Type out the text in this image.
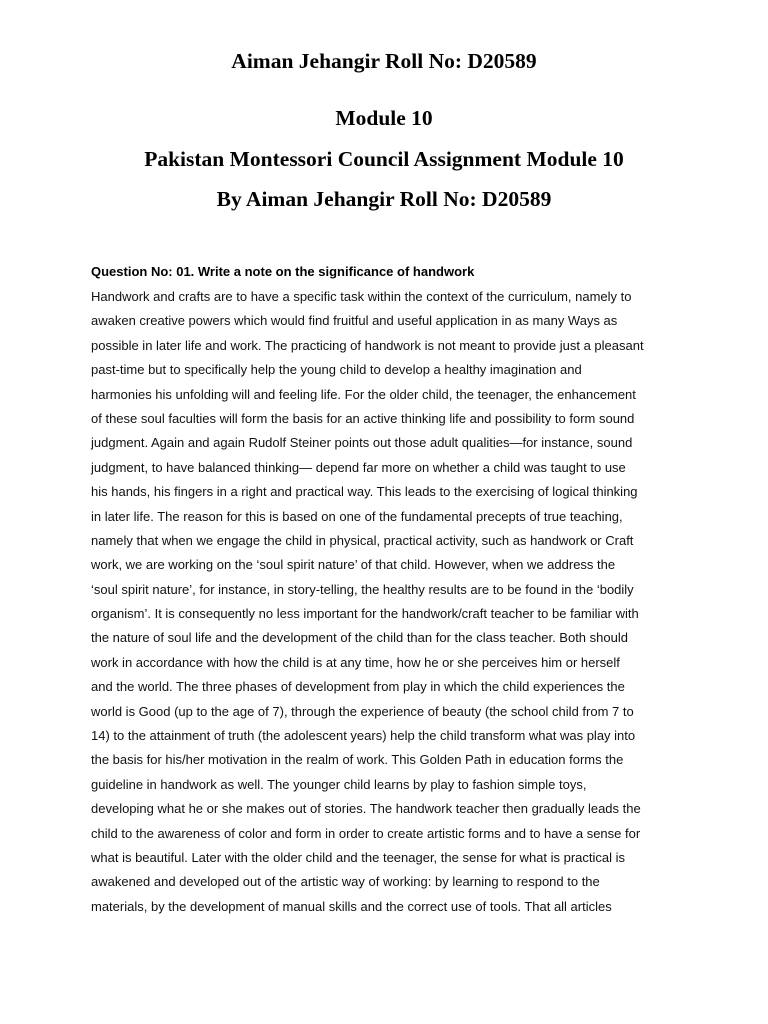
Aiman Jehangir Roll No: D20589
Module 10
Pakistan Montessori Council Assignment Module 10
By Aiman Jehangir Roll No: D20589

Question No: 01. Write a note on the significance of handwork

Handwork and crafts are to have a specific task within the context of the curriculum, namely to
awaken creative powers which would find fruitful and useful application in as many Ways as
possible in later life and work. The practicing of handwork is not meant to provide just a pleasant
past-time but to specifically help the young child to develop a healthy imagination and
harmonies his unfolding will and feeling life. For the older child, the teenager, the enhancement
of these soul faculties will form the basis for an active thinking life and possibility to form sound
judgment. Again and again Rudolf Steiner points out those adult qualities—for instance, sound
judgment, to have balanced thinking— depend far more on whether a child was taught to use
his hands, his fingers in a right and practical way. This leads to the exercising of logical thinking
in later life. The reason for this is based on one of the fundamental precepts of true teaching,
namely that when we engage the child in physical, practical activity, such as handwork or Craft
work, we are working on the ‘soul spirit nature’ of that child. However, when we address the
‘soul spirit nature’, for instance, in story-telling, the healthy results are to be found in the ‘bodily
organism’. It is consequently no less important for the handwork/craft teacher to be familiar with
the nature of soul life and the development of the child than for the class teacher. Both should
work in accordance with how the child is at any time, how he or she perceives him or herself
and the world. The three phases of development from play in which the child experiences the
world is Good (up to the age of 7), through the experience of beauty (the school child from 7 to
14) to the attainment of truth (the adolescent years) help the child transform what was play into
the basis for his/her motivation in the realm of work. This Golden Path in education forms the
guideline in handwork as well. The younger child learns by play to fashion simple toys,
developing what he or she makes out of stories. The handwork teacher then gradually leads the
child to the awareness of color and form in order to create artistic forms and to have a sense for
what is beautiful. Later with the older child and the teenager, the sense for what is practical is
awakened and developed out of the artistic way of working: by learning to respond to the
materials, by the development of manual skills and the correct use of tools. That all articles
